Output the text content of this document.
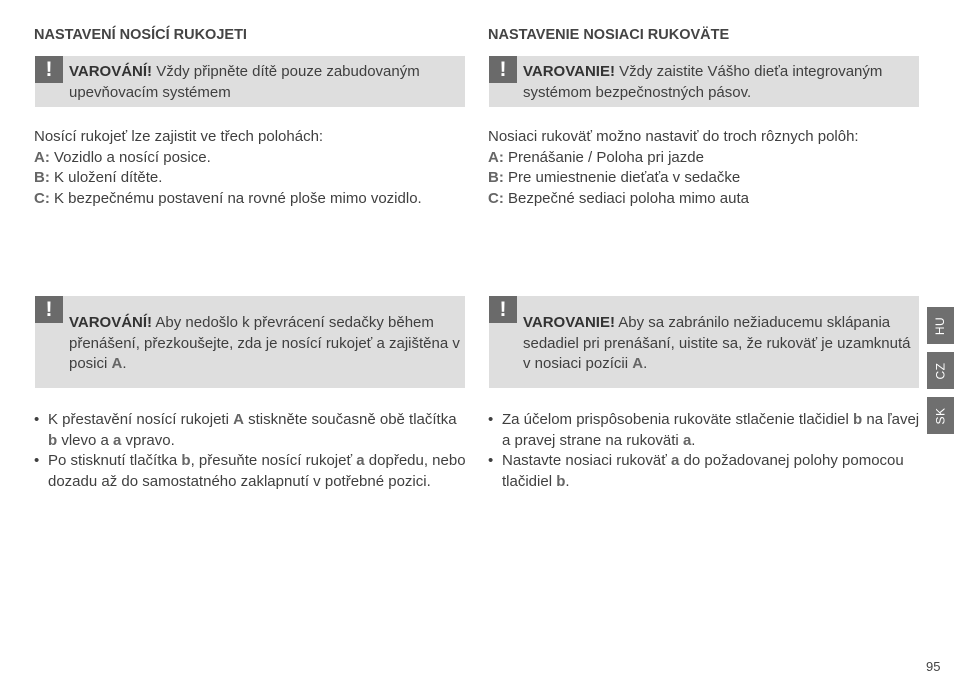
NASTAVENÍ NOSÍCÍ RUKOJETI
!	VAROVÁNÍ! Vždy připněte dítě pouze zabudovaným upevňovacím systémem

Nosící rukojeť lze zajistit ve třech polohách:

A: Vozidlo a nosící posice.

B: K uložení dítěte.

C: K bezpečnému postavení na rovné ploše mimo vozidlo.

!
VAROVÁNÍ! Aby nedošlo k převrácení sedačky během přenášení, přezkoušejte, zda je nosící rukojeť a zajištěna v posici A.

• K přestavění nosící rukojeti A stiskněte současně obě tlačítka b vlevo a a vpravo.

• Po stisknutí tlačítka b, přesuňte nosící rukojeť a dopředu, nebo dozadu až do samostatného zaklapnutí v potřebné pozici.

NASTAVENIE NOSIACI RUKOVÄTE
!	VAROVANIE! Vždy zaistite Vášho dieťa integrovaným systémom bezpečnostných pásov.

Nosiaci rukoväť možno nastaviť do troch rôznych polôh:

A: Prenášanie / Poloha pri jazde

B: Pre umiestnenie dieťaťa v sedačke

C: Bezpečné sediaci poloha mimo auta

!
VAROVANIE! Aby sa zabránilo nežiaducemu sklápania sedadiel pri prenášaní, uistite sa, že rukoväť je uzamknutá v nosiaci pozícii A.

• Za účelom prispôsobenia rukoväte stlačenie tlačidiel b na ľavej a pravej strane na rukoväti a.

• Nastavte nosiaci rukoväť a do požadovanej polohy pomocou tlačidiel b.

HU
CZ
SK
95
